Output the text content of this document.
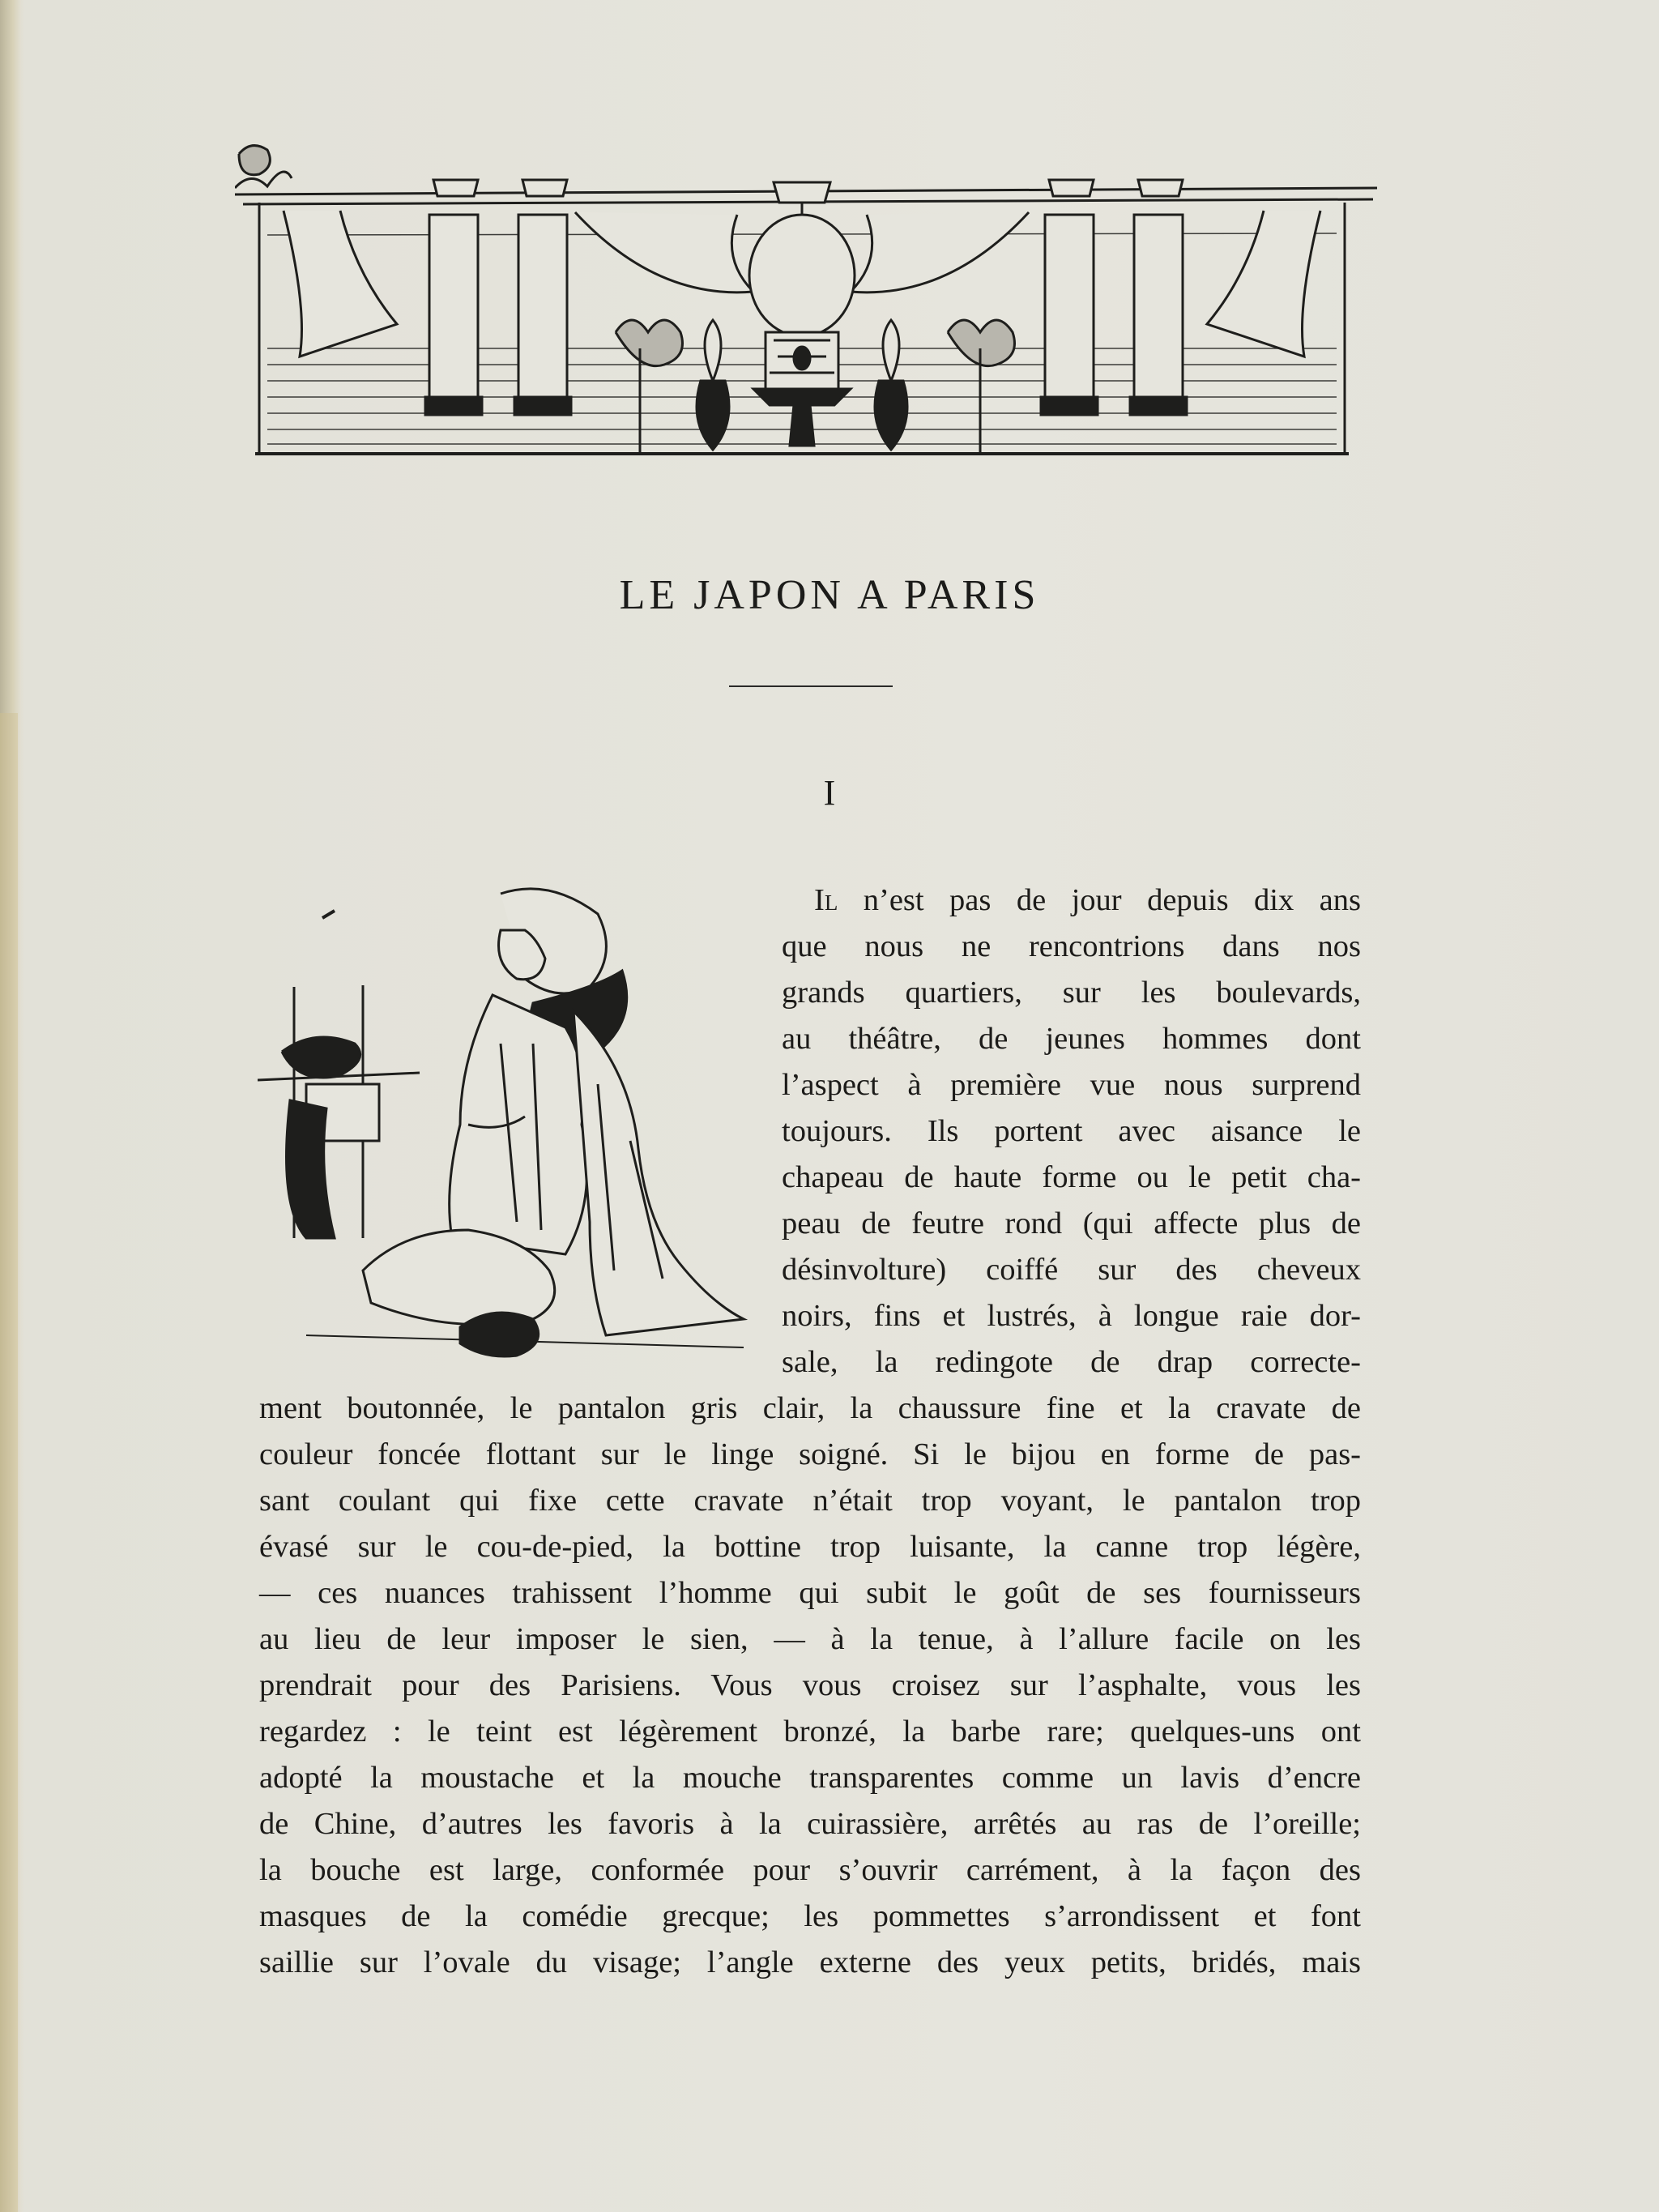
LE JAPON A PARIS
I
Il n’est pas de jour depuis dix ans
que nous ne rencontrions dans nos
grands quartiers, sur les boulevards,
au théâtre, de jeunes hommes dont
l’aspect à première vue nous surprend
toujours. Ils portent avec aisance le
chapeau de haute forme ou le petit cha-
peau de feutre rond (qui affecte plus de
désinvolture) coiffé sur des cheveux
noirs, fins et lustrés, à longue raie dor-
sale, la redingote de drap correcte-
ment boutonnée, le pantalon gris clair, la chaussure fine et la cravate de
couleur foncée flottant sur le linge soigné. Si le bijou en forme de pas-
sant coulant qui fixe cette cravate n’était trop voyant, le pantalon trop
évasé sur le cou-de-pied, la bottine trop luisante, la canne trop légère,
— ces nuances trahissent l’homme qui subit le goût de ses fournisseurs
au lieu de leur imposer le sien, — à la tenue, à l’allure facile on les
prendrait pour des Parisiens. Vous vous croisez sur l’asphalte, vous les
regardez : le teint est légèrement bronzé, la barbe rare; quelques-uns ont
adopté la moustache et la mouche transparentes comme un lavis d’encre
de Chine, d’autres les favoris à la cuirassière, arrêtés au ras de l’oreille;
la bouche est large, conformée pour s’ouvrir carrément, à la façon des
masques de la comédie grecque; les pommettes s’arrondissent et font
saillie sur l’ovale du visage; l’angle externe des yeux petits, bridés, mais
